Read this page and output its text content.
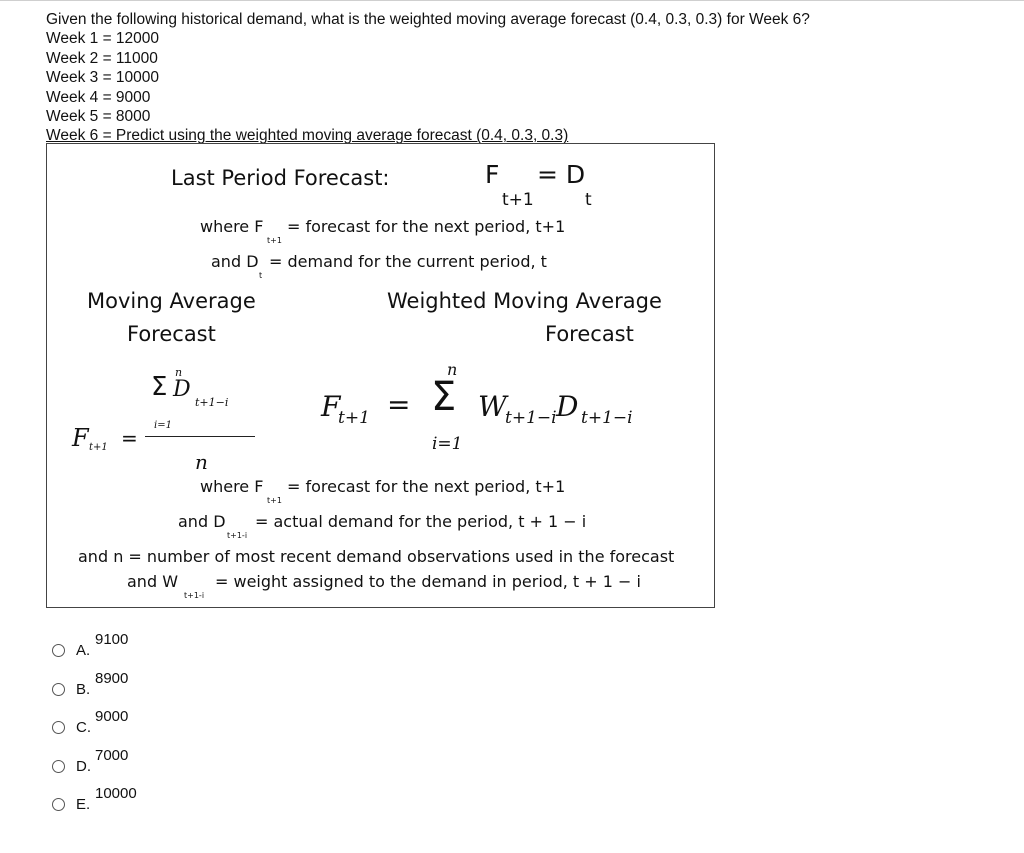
Given the following historical demand, what is the weighted moving average forecast (0.4, 0.3, 0.3) for Week 6?
Week 1 = 12000
Week 2 = 11000
Week 3 = 10000
Week 4 = 9000
Week 5 = 8000
Week 6 = Predict using the weighted moving average forecast (0.4, 0.3, 0.3)
Last Period Forecast:	F = D
t+1	t
where F
t+1
= forecast for the next period, t+1
and D
t
= demand for the current period, t
Moving Average
Forecast
Weighted Moving Average
Forecast
n
Σ D
t+1−i
i=1
n
F t+1 =
F
t+1 =
n
Σ W
t+1−i D t+1−i
i=1
where F
t+1
= forecast for the next period, t+1
and D
t+1-i
= actual demand for the period, t + 1 − i
and n = number of most recent demand observations used in the forecast
and W
t+1-i
= weight assigned to the demand in period, t + 1 − i
A.
9100
B.
8900
C.
9000
D.
7000
E.
10000
